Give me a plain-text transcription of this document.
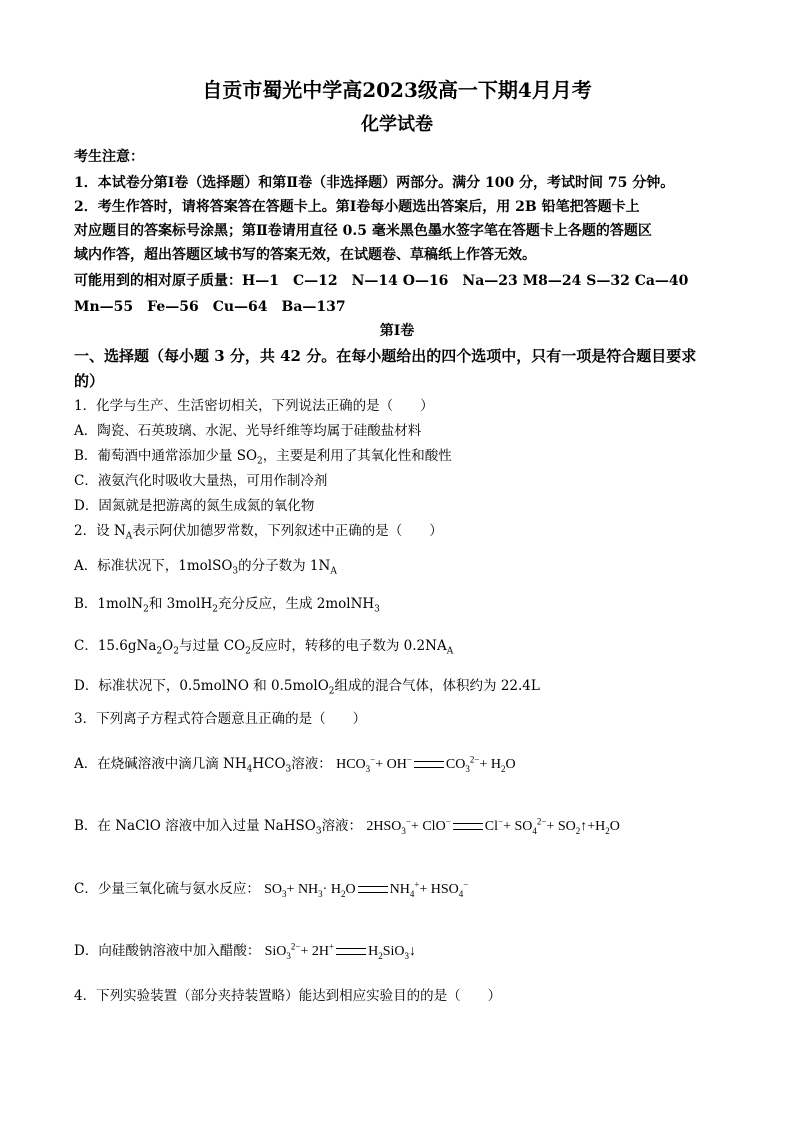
自贡市蜀光中学高2023级高一下期4月月考
化学试卷
考生注意：
1．本试卷分第Ⅰ卷（选择题）和第Ⅱ卷（非选择题）两部分。满分 100 分，考试时间 75 分钟。
2．考生作答时，请将答案答在答题卡上。第Ⅰ卷每小题选出答案后，用 2B 铅笔把答题卡上
对应题目的答案标号涂黑；第Ⅱ卷请用直径 0.5 毫米黑色墨水签字笔在答题卡上各题的答题区
域内作答，超出答题区域书写的答案无效，在试题卷、草稿纸上作答无效。
可能用到的相对原子质量：H—1　C—12　N—14 O—16　Na—23 M8—24 S—32 Ca—40
Mn—55　Fe—56　Cu—64　Ba—137
第Ⅰ卷
一、选择题（每小题 3 分，共 42 分。在每小题给出的四个选项中，只有一项是符合题目要求
的）
1．化学与生产、生活密切相关，下列说法正确的是（　　）
A．陶瓷、石英玻璃、水泥、光导纤维等均属于硅酸盐材料
B．葡萄酒中通常添加少量 $SO_2$，主要是利用了其氧化性和酸性
C．液氨汽化时吸收大量热，可用作制冷剂
D．固氮就是把游离的氮生成氮的氧化物
2．设 $N_A$表示阿伏加德罗常数，下列叙述中正确的是（　　）
A．标准状况下，1molSO$_3$的分子数为 $1N_A$
B．1molN$_2$和 3molH$_2$充分反应，生成 2molNH$_3$
C．$15.6gNa_2O_2$与过量 $CO_2$反应时，转移的电子数为 $0.2NA_A$
D．标准状况下，0.5molNO 和 0.5molO$_2$组成的混合气体，体积约为 22.4L
3．下列离子方程式符合题意且正确的是（　　）
A．在烧碱溶液中滴几滴 $NH_4HCO_3$溶液： $HCO_3^-+ OH^-$ $CO_3^{2-}+ H_2O$
B．在 NaClO 溶液中加入过量 NaHSO$_3$溶液： $2HSO_3^-+ ClO^-$ $Cl^-+ SO_4^{2-}+$ $SO_2↑+H_2O$
C．少量三氧化硫与氨水反应： $SO_3+ NH_3\cdot H_2O$ $NH_4^++ HSO_4^-$
D．向硅酸钠溶液中加入醋酸： SiO$_3^{2-}$+ 2H+ $H_2SiO_3↓$
4．下列实验装置（部分夹持装置略）能达到相应实验目的的是（　　）
